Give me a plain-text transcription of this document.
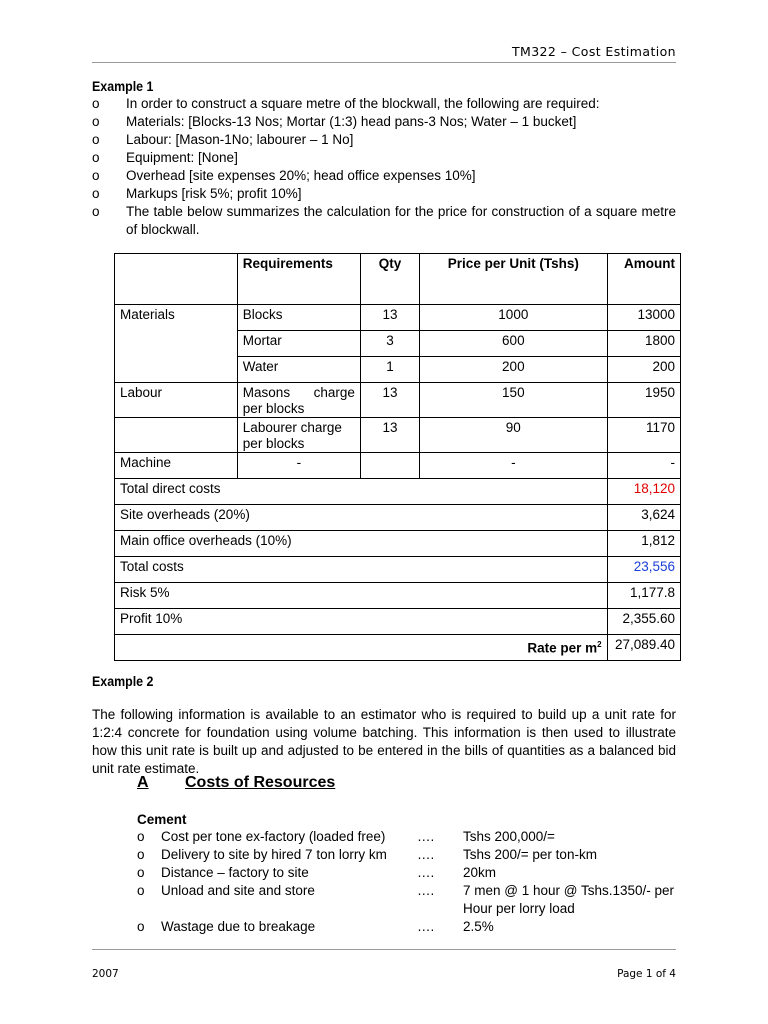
TM322 – Cost Estimation
Example 1
o	In order to construct a square metre of the blockwall, the following are required:
o	Materials: [Blocks-13 Nos; Mortar (1:3) head pans-3 Nos; Water – 1 bucket]
o	Labour: [Mason-1No; labourer – 1 No]
o	Equipment: [None]
o	Overhead [site expenses 20%; head office expenses 10%]
o	Markups [risk 5%; profit 10%]
o	The table below summarizes the calculation for the price for construction of a square metre of blockwall.
	Requirements	Qty	Price per Unit (Tshs)	Amount
Materials	Blocks	13	1000	13000
	Mortar	3	600	1800
	Water	1	200	200
Labour	Masons charge per blocks	13	150	1950
	Labourer charge per blocks	13	90	1170
Machine	-		-	-
Total direct costs				18,120
Site overheads (20%)				3,624
Main office overheads (10%)				1,812
Total costs				23,556
Risk 5%				1,177.8
Profit 10%				2,355.60
Rate per $m^2$				27,089.40
Example 2
The following information is available to an estimator who is required to build up a unit rate for 1:2:4 concrete for foundation using volume batching. This information is then used to illustrate how this unit rate is built up and adjusted to be entered in the bills of quantities as a balanced bid unit rate estimate.
A Costs of Resources
Cement
o Cost per tone ex-factory (loaded free) …. Tshs 200,000/=
o Delivery to site by hired 7 ton lorry km …. Tshs 200/= per ton-km
o Distance – factory to site	…. 20km
o Unload and site and store	…. 7 men @ 1 hour @ Tshs.1350/- per Hour per lorry load
o Wastage due to breakage	…. 2.5%
2007	Page 1 of 4
